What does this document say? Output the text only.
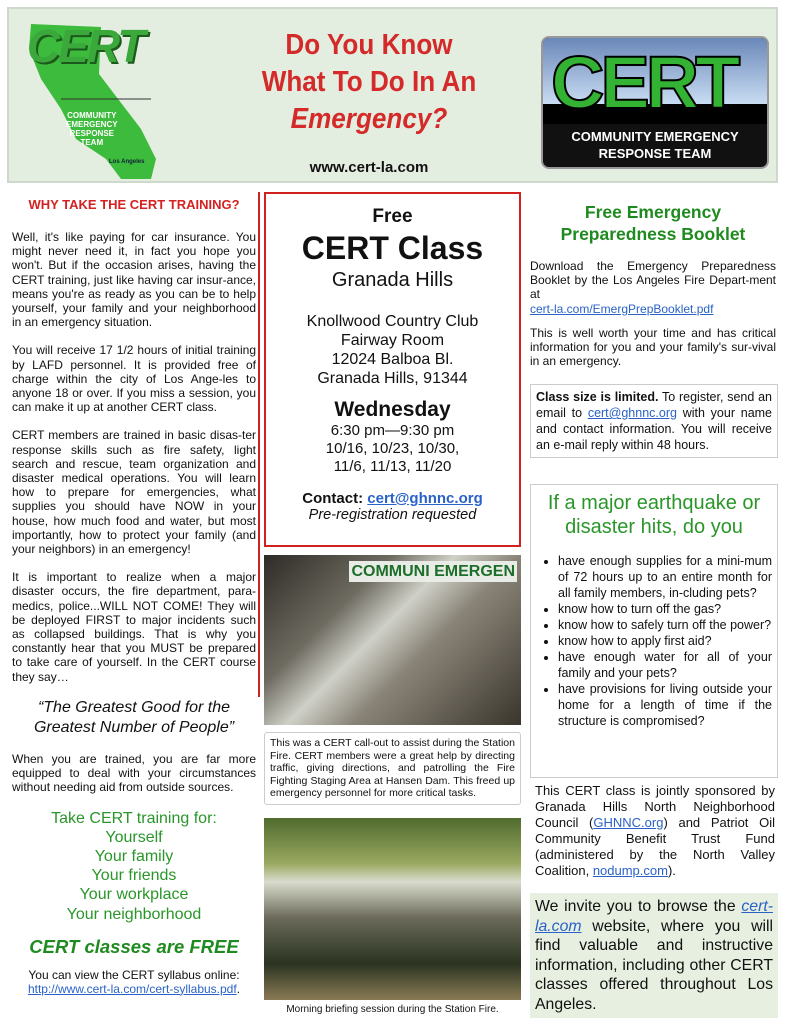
CERT
COMMUNITY
EMERGENCY
RESPONSE
TEAM
Los Angeles
Do You Know
What To Do In An
Emergency?
www.cert-la.com
CERT
COMMUNITY EMERGENCY
RESPONSE TEAM
WHY TAKE THE CERT TRAINING?

Well, it's like paying for car insurance. You might never need it, in fact you hope you won't. But if the occasion arises, having the CERT training, just like having car insur-ance, means you're as ready as you can be to help yourself, your family and your neighborhood in an emergency situation.

You will receive 17 1/2 hours of initial training by LAFD personnel. It is provided free of charge within the city of Los Ange-les to anyone 18 or over. If you miss a session, you can make it up at another CERT class.

CERT members are trained in basic disas-ter response skills such as fire safety, light search and rescue, team organization and disaster medical operations. You will learn how to prepare for emergencies, what supplies you should have NOW in your house, how much food and water, but most importantly, how to protect your family (and your neighbors) in an emergency!

It is important to realize when a major disaster occurs, the fire department, para-medics, police...WILL NOT COME! They will be deployed FIRST to major incidents such as collapsed buildings. That is why you constantly hear that you MUST be prepared to take care of yourself. In the CERT course they say…

“The Greatest Good for the Greatest Number of People”

When you are trained, you are far more equipped to deal with your circumstances without needing aid from outside sources.

Take CERT training for:
Yourself
Your family
Your friends
Your workplace
Your neighborhood
CERT classes are FREE
You can view the CERT syllabus online:
http://www.cert-la.com/cert-syllabus.pdf.
Free
CERT Class
Granada Hills
Knollwood Country Club
Fairway Room
12024 Balboa Bl.
Granada Hills, 91344
Wednesday
6:30 pm—9:30 pm
10/16, 10/23, 10/30,
11/6, 11/13, 11/20
Contact: cert@ghnnc.org
Pre-registration requested
COMMUNI EMERGEN
This was a CERT call-out to assist during the Station Fire. CERT members were a great help by directing traffic, giving directions, and patrolling the Fire Fighting Staging Area at Hansen Dam. This freed up emergency personnel for more critical tasks.
Morning briefing session during the Station Fire.
Free Emergency Preparedness Booklet

Download the Emergency Preparedness Booklet by the Los Angeles Fire Depart-ment at
cert-la.com/EmergPrepBooklet.pdf

This is well worth your time and has critical information for you and your family's sur-vival in an emergency.

Class size is limited. To register, send an email to cert@ghnnc.org with your name and contact information. You will receive an e-mail reply within 48 hours.
If a major earthquake or disaster hits, do you
• have enough supplies for a mini-mum of 72 hours up to an entire month for all family members, in-cluding pets?
• know how to turn off the gas?
• know how to safely turn off the power?
• know how to apply first aid?
• have enough water for all of your family and your pets?
• have provisions for living outside your home for a length of time if the structure is compromised?
This CERT class is jointly sponsored by Granada Hills North Neighborhood Council (GHNNC.org) and Patriot Oil Community Benefit Trust Fund (administered by the North Valley Coalition, nodump.com).
We invite you to browse the cert-la.com website, where you will find valuable and instructive information, including other CERT classes offered throughout Los Angeles.
